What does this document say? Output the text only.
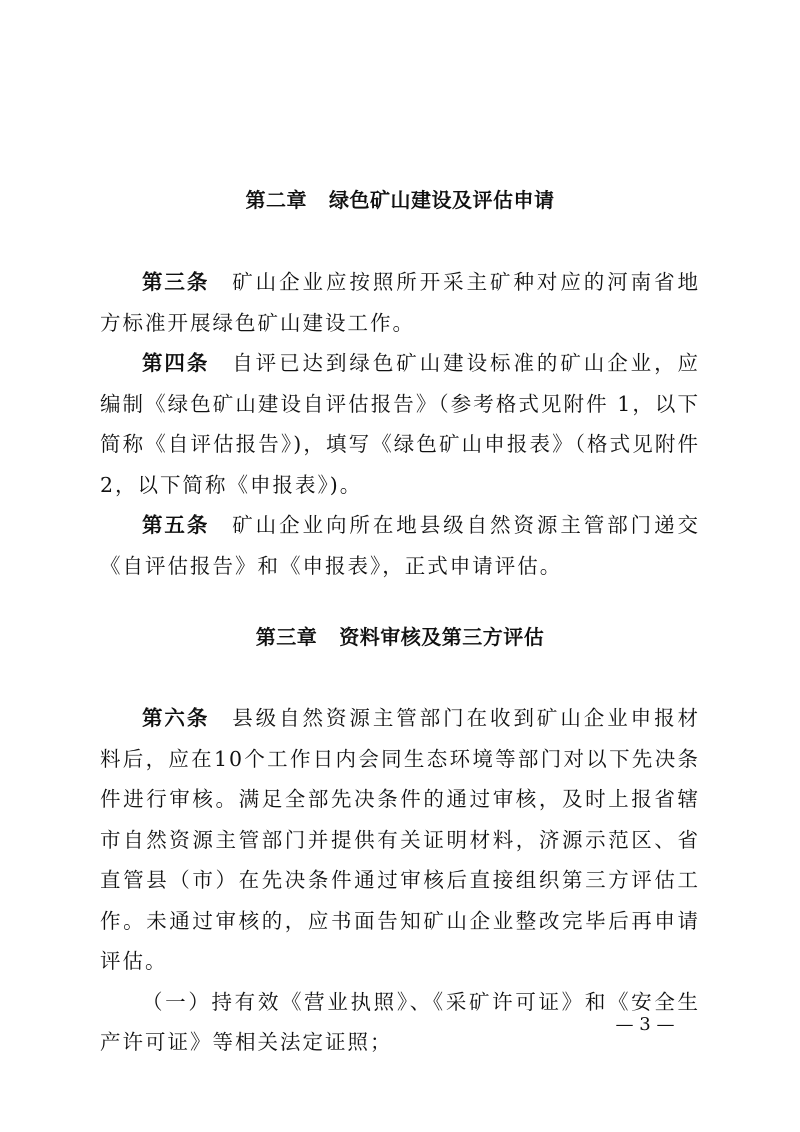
第二章 绿色矿山建设及评估申请

第三条 矿山企业应按照所开采主矿种对应的河南省地方标准开展绿色矿山建设工作。

第四条 自评已达到绿色矿山建设标准的矿山企业，应编制《绿色矿山建设自评估报告》（参考格式见附件 1，以下简称《自评估报告》)，填写《绿色矿山申报表》（格式见附件 2，以下简称《申报表》)。

第五条 矿山企业向所在地县级自然资源主管部门递交《自评估报告》和《申报表》，正式申请评估。

第三章 资料审核及第三方评估

第六条 县级自然资源主管部门在收到矿山企业申报材料后，应在10个工作日内会同生态环境等部门对以下先决条件进行审核。满足全部先决条件的通过审核，及时上报省辖市自然资源主管部门并提供有关证明材料，济源示范区、省直管县（市）在先决条件通过审核后直接组织第三方评估工作。未通过审核的，应书面告知矿山企业整改完毕后再申请评估。

（一）持有效《营业执照》、《采矿许可证》和《安全生产许可证》等相关法定证照；

— 3 —
